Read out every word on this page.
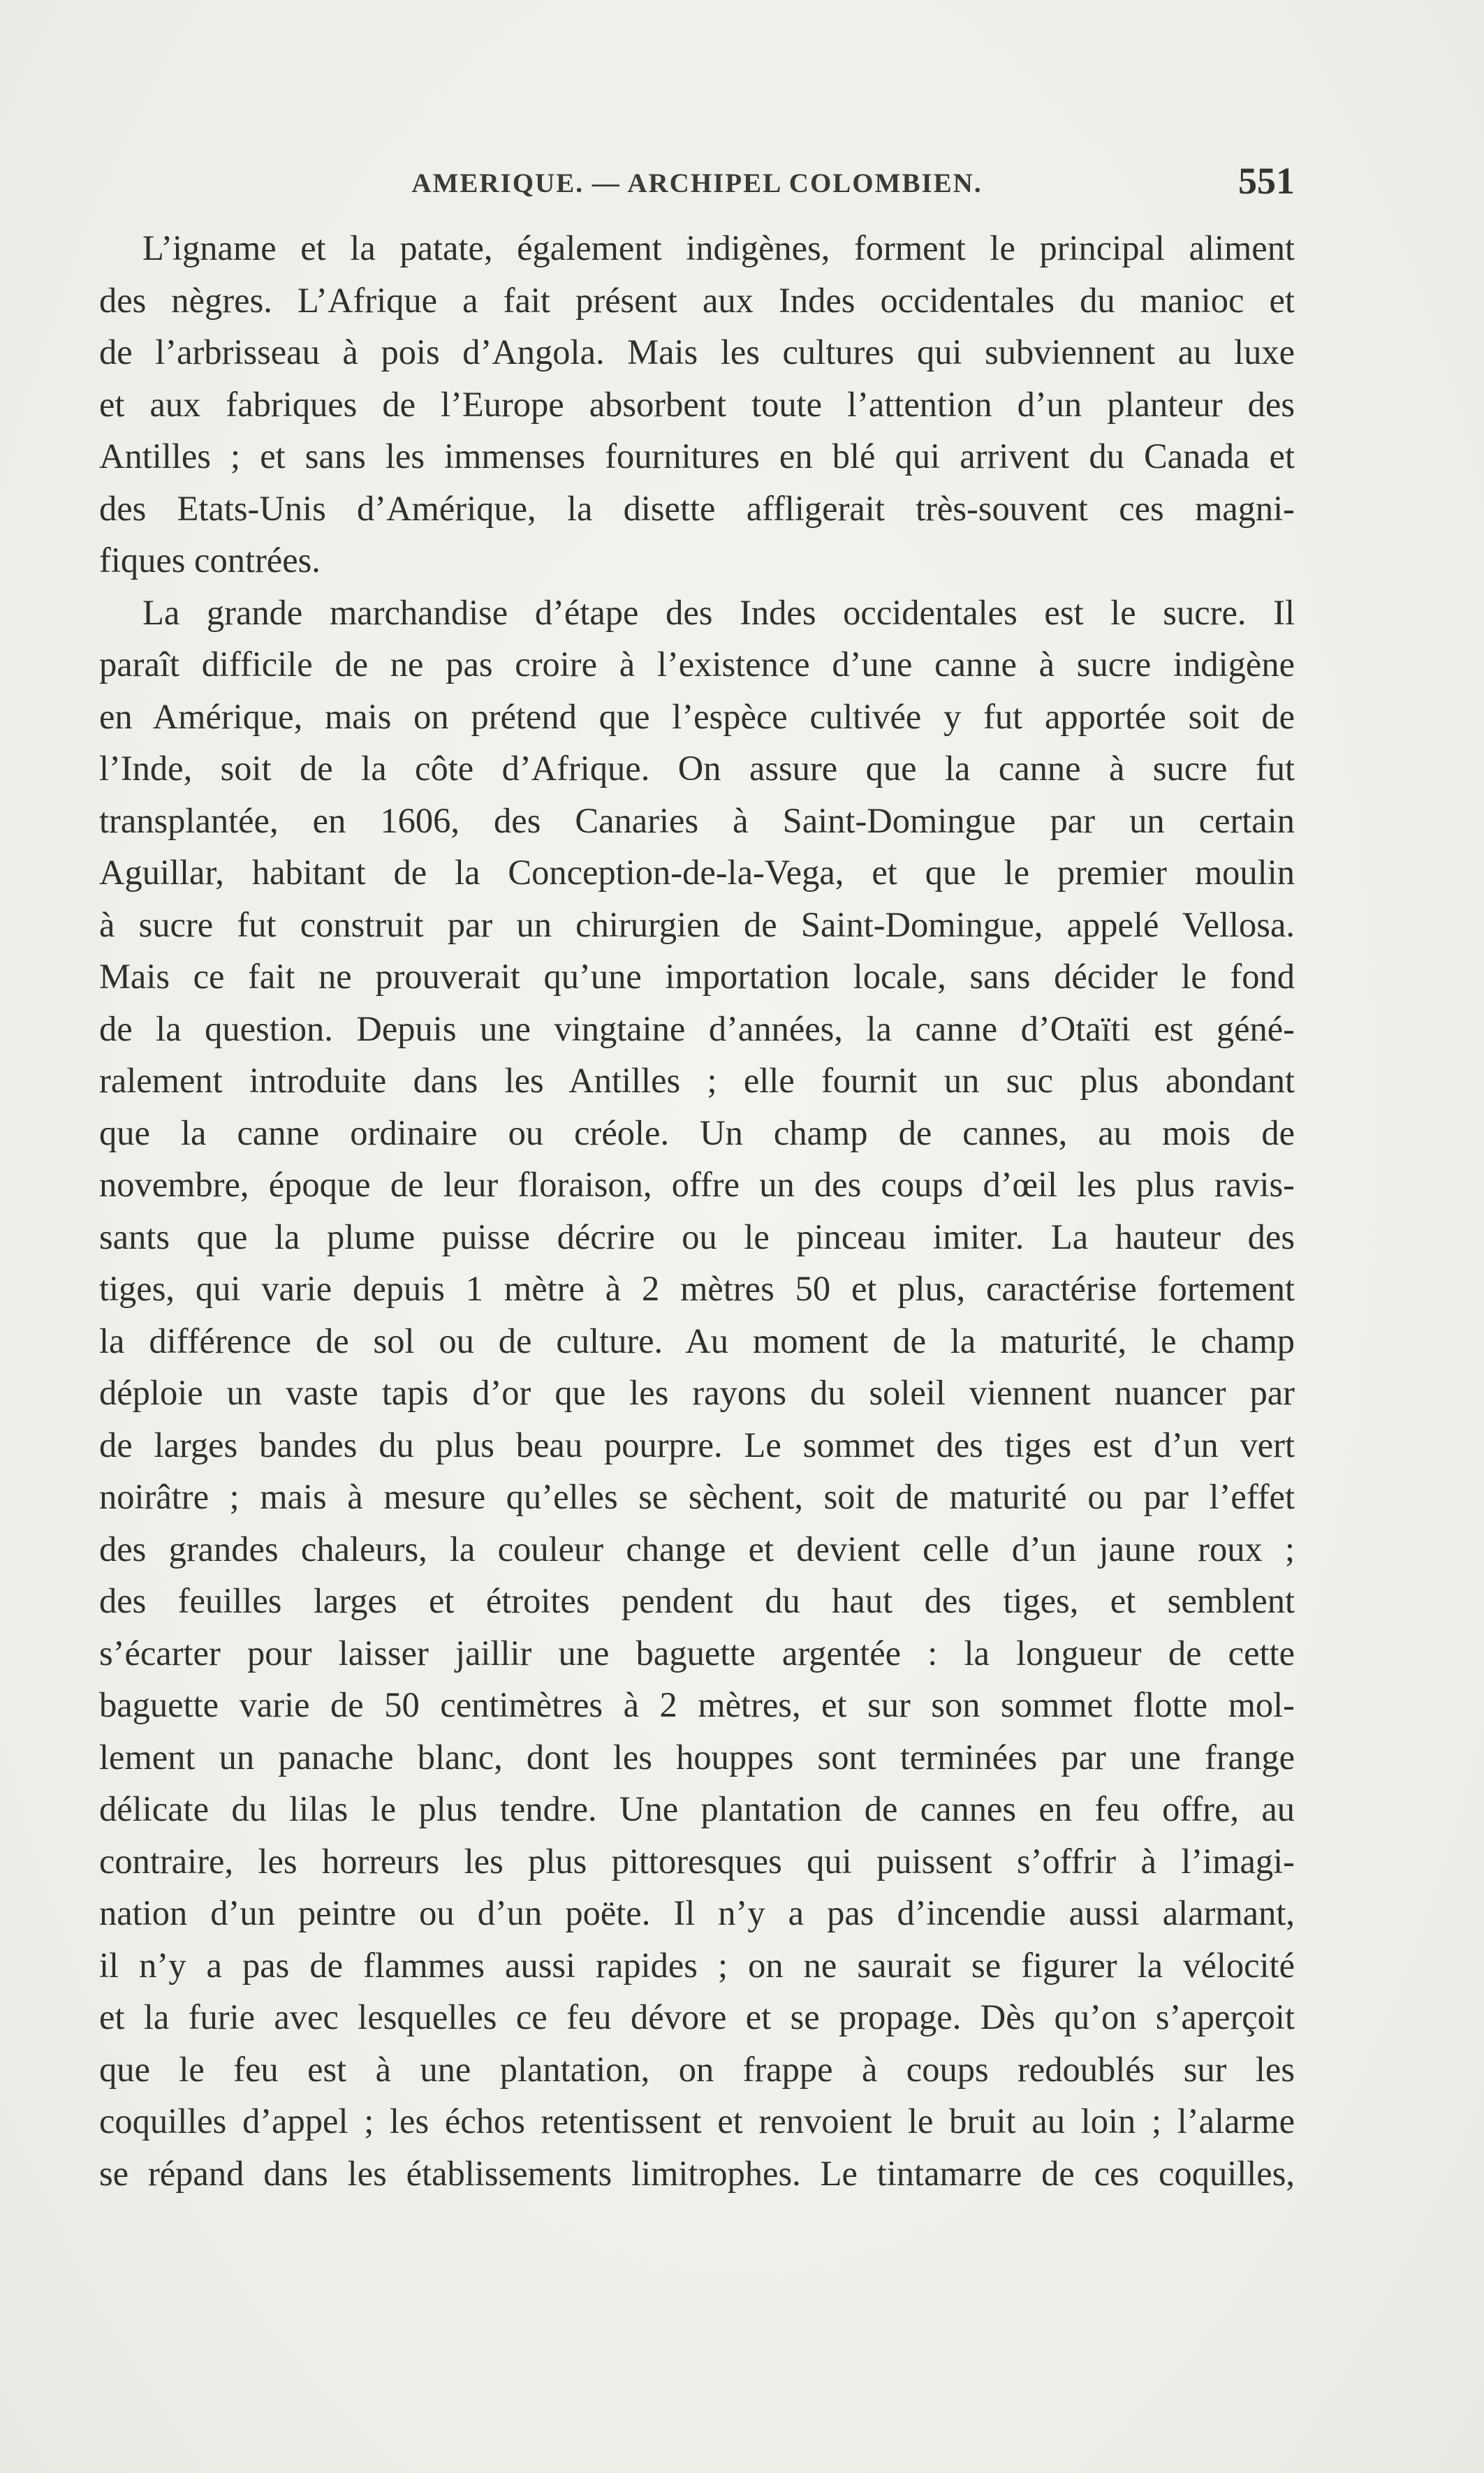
AMERIQUE. — ARCHIPEL COLOMBIEN.	551
L’igname et la patate, également indigènes, forment le principal aliment
des nègres. L’Afrique a fait présent aux Indes occidentales du manioc et
de l’arbrisseau à pois d’Angola. Mais les cultures qui subviennent au luxe
et aux fabriques de l’Europe absorbent toute l’attention d’un planteur des
Antilles ; et sans les immenses fournitures en blé qui arrivent du Canada et
des Etats-Unis d’Amérique, la disette affligerait très-souvent ces magni-
fiques contrées.
La grande marchandise d’étape des Indes occidentales est le sucre. Il
paraît difficile de ne pas croire à l’existence d’une canne à sucre indigène
en Amérique, mais on prétend que l’espèce cultivée y fut apportée soit de
l’Inde, soit de la côte d’Afrique. On assure que la canne à sucre fut
transplantée, en 1606, des Canaries à Saint-Domingue par un certain
Aguillar, habitant de la Conception-de-la-Vega, et que le premier moulin
à sucre fut construit par un chirurgien de Saint-Domingue, appelé Vellosa.
Mais ce fait ne prouverait qu’une importation locale, sans décider le fond
de la question. Depuis une vingtaine d’années, la canne d’Otaïti est géné-
ralement introduite dans les Antilles ; elle fournit un suc plus abondant
que la canne ordinaire ou créole. Un champ de cannes, au mois de
novembre, époque de leur floraison, offre un des coups d’œil les plus ravis-
sants que la plume puisse décrire ou le pinceau imiter. La hauteur des
tiges, qui varie depuis 1 mètre à 2 mètres 50 et plus, caractérise fortement
la différence de sol ou de culture. Au moment de la maturité, le champ
déploie un vaste tapis d’or que les rayons du soleil viennent nuancer par
de larges bandes du plus beau pourpre. Le sommet des tiges est d’un vert
noirâtre ; mais à mesure qu’elles se sèchent, soit de maturité ou par l’effet
des grandes chaleurs, la couleur change et devient celle d’un jaune roux ;
des feuilles larges et étroites pendent du haut des tiges, et semblent
s’écarter pour laisser jaillir une baguette argentée : la longueur de cette
baguette varie de 50 centimètres à 2 mètres, et sur son sommet flotte mol-
lement un panache blanc, dont les houppes sont terminées par une frange
délicate du lilas le plus tendre. Une plantation de cannes en feu offre, au
contraire, les horreurs les plus pittoresques qui puissent s’offrir à l’imagi-
nation d’un peintre ou d’un poëte. Il n’y a pas d’incendie aussi alarmant,
il n’y a pas de flammes aussi rapides ; on ne saurait se figurer la vélocité
et la furie avec lesquelles ce feu dévore et se propage. Dès qu’on s’aperçoit
que le feu est à une plantation, on frappe à coups redoublés sur les
coquilles d’appel ; les échos retentissent et renvoient le bruit au loin ; l’alarme
se répand dans les établissements limitrophes. Le tintamarre de ces coquilles,
